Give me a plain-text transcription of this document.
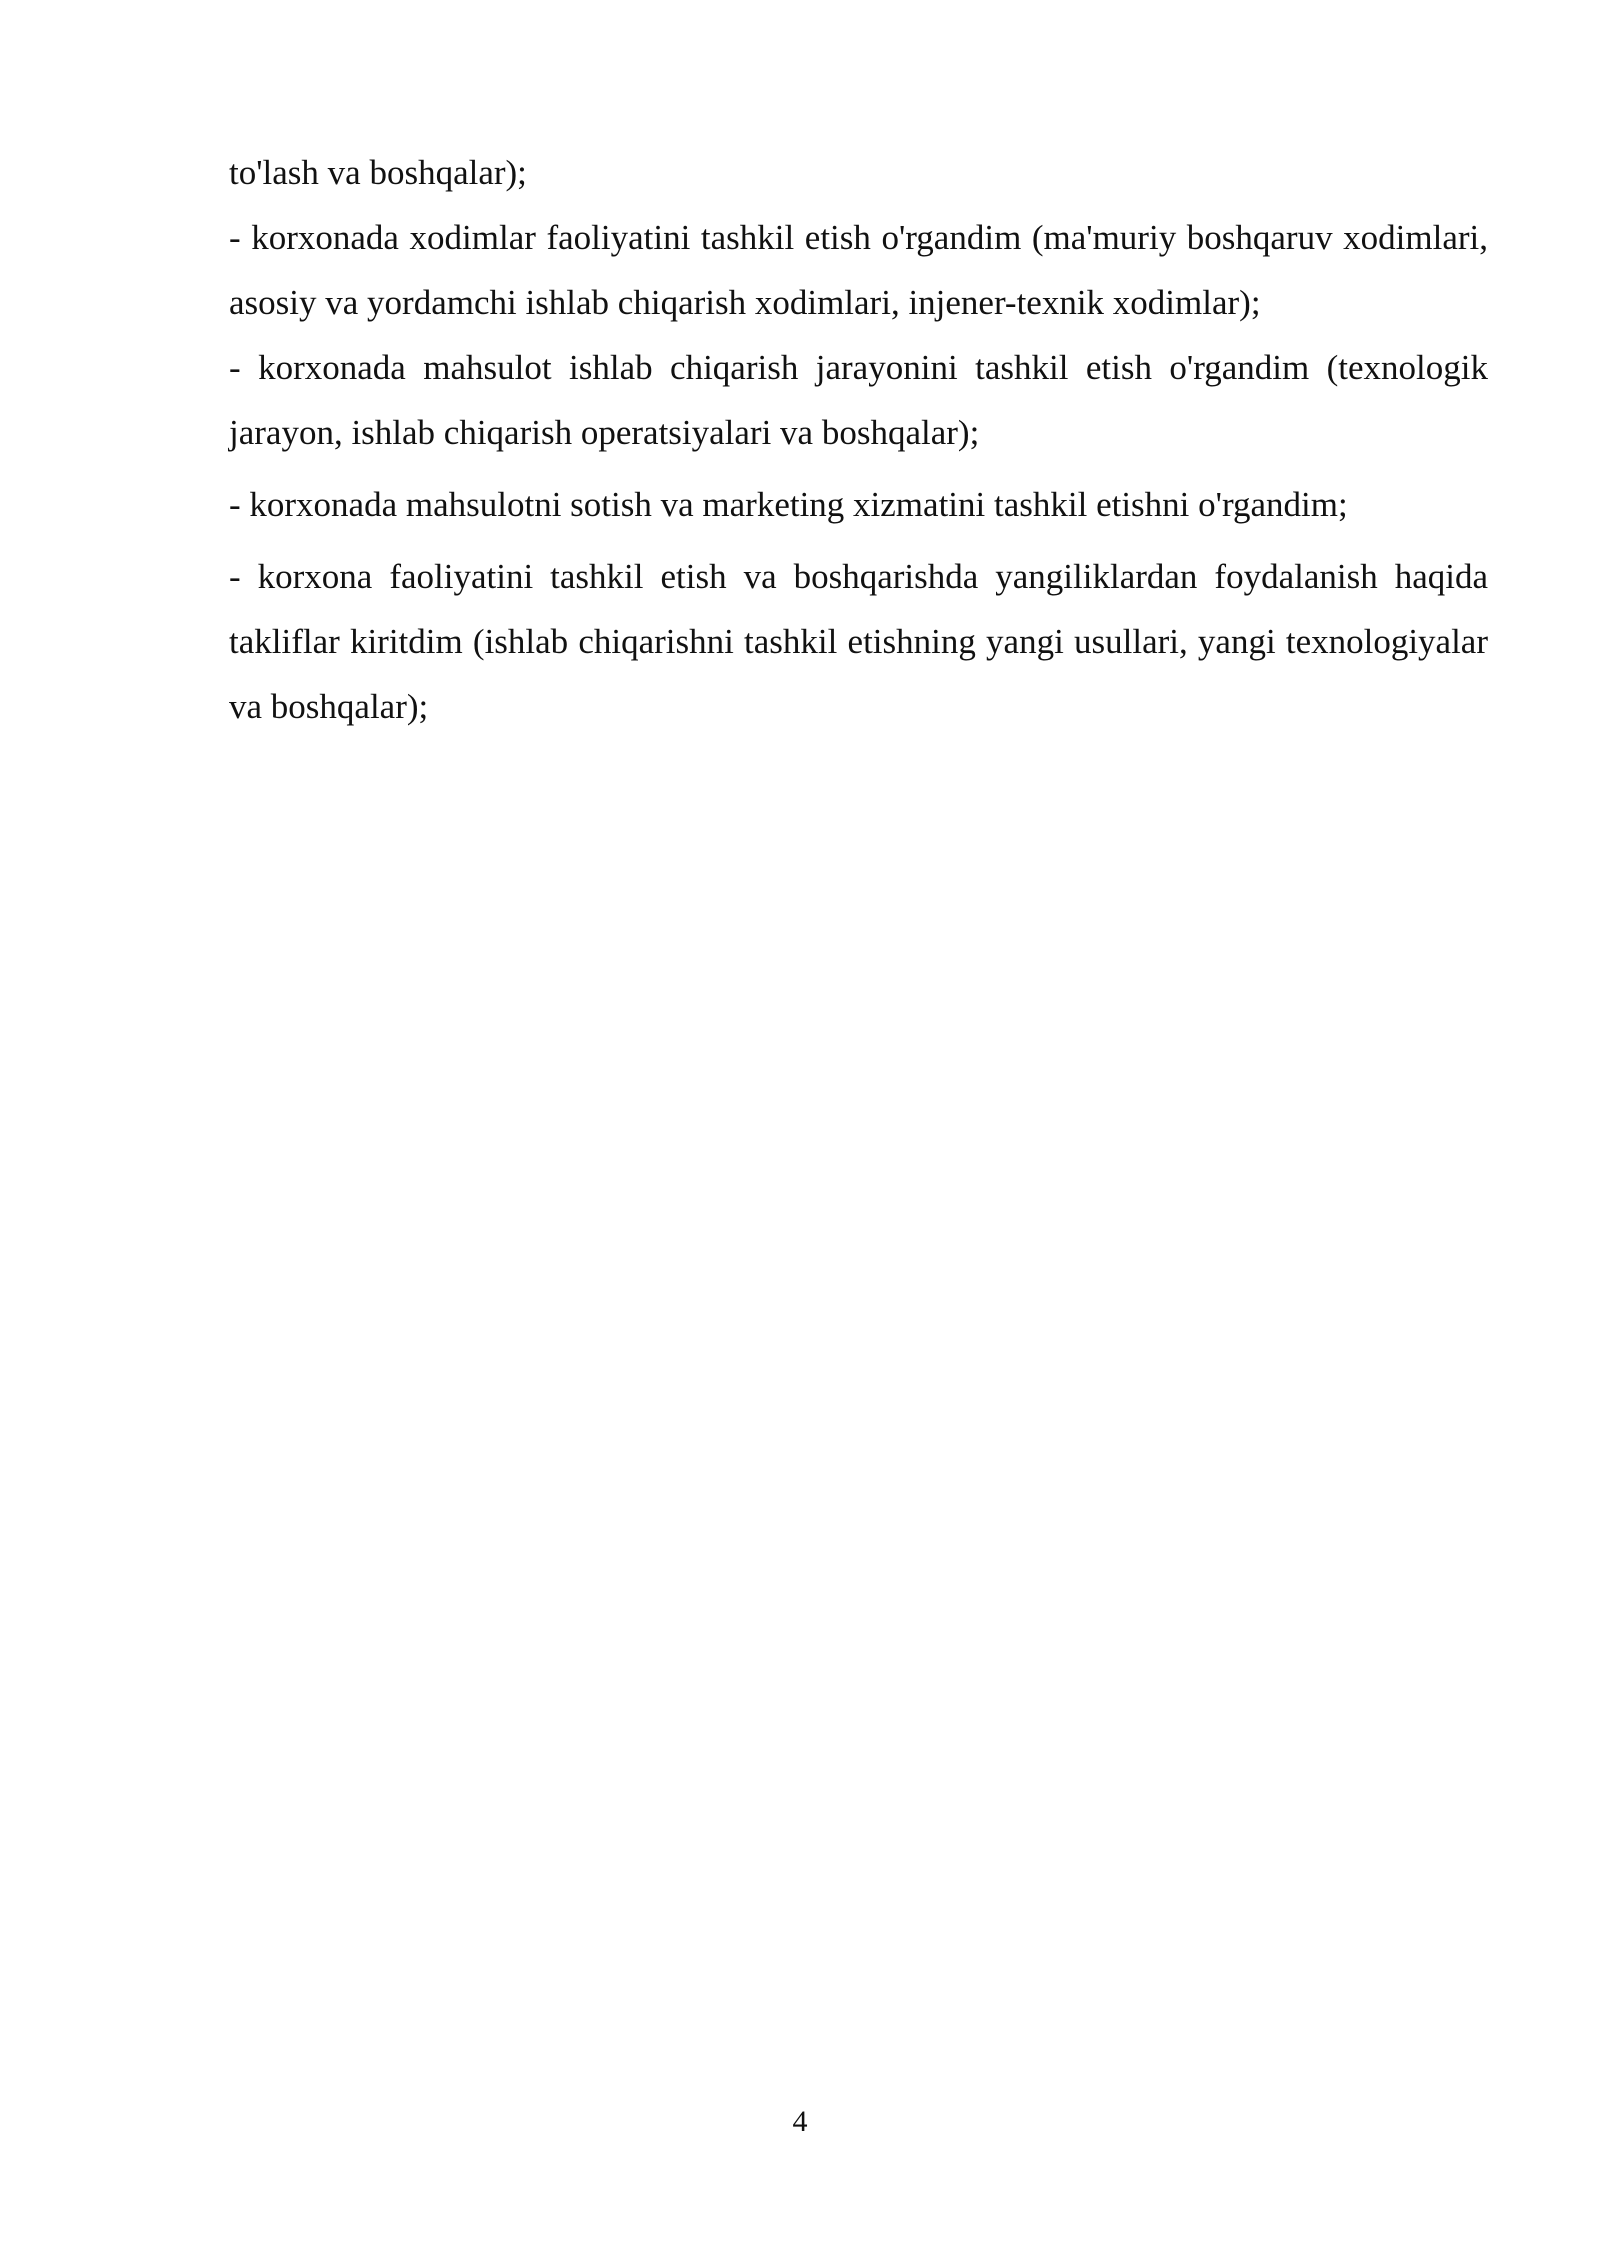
to'lash va boshqalar);

- korxonada xodimlar faoliyatini tashkil etish o'rgandim (ma'muriy boshqaruv xodimlari, asosiy va yordamchi ishlab chiqarish xodimlari, injener-texnik xodimlar);

- korxonada mahsulot ishlab chiqarish jarayonini tashkil etish o'rgandim (texnologik jarayon, ishlab chiqarish operatsiyalari va boshqalar);

- korxonada mahsulotni sotish va marketing xizmatini tashkil etishni o'rgandim;

- korxona faoliyatini tashkil etish va boshqarishda yangiliklardan foydalanish haqida takliflar kiritdim (ishlab chiqarishni tashkil etishning yangi usullari, yangi texnologiyalar va boshqalar);

4
